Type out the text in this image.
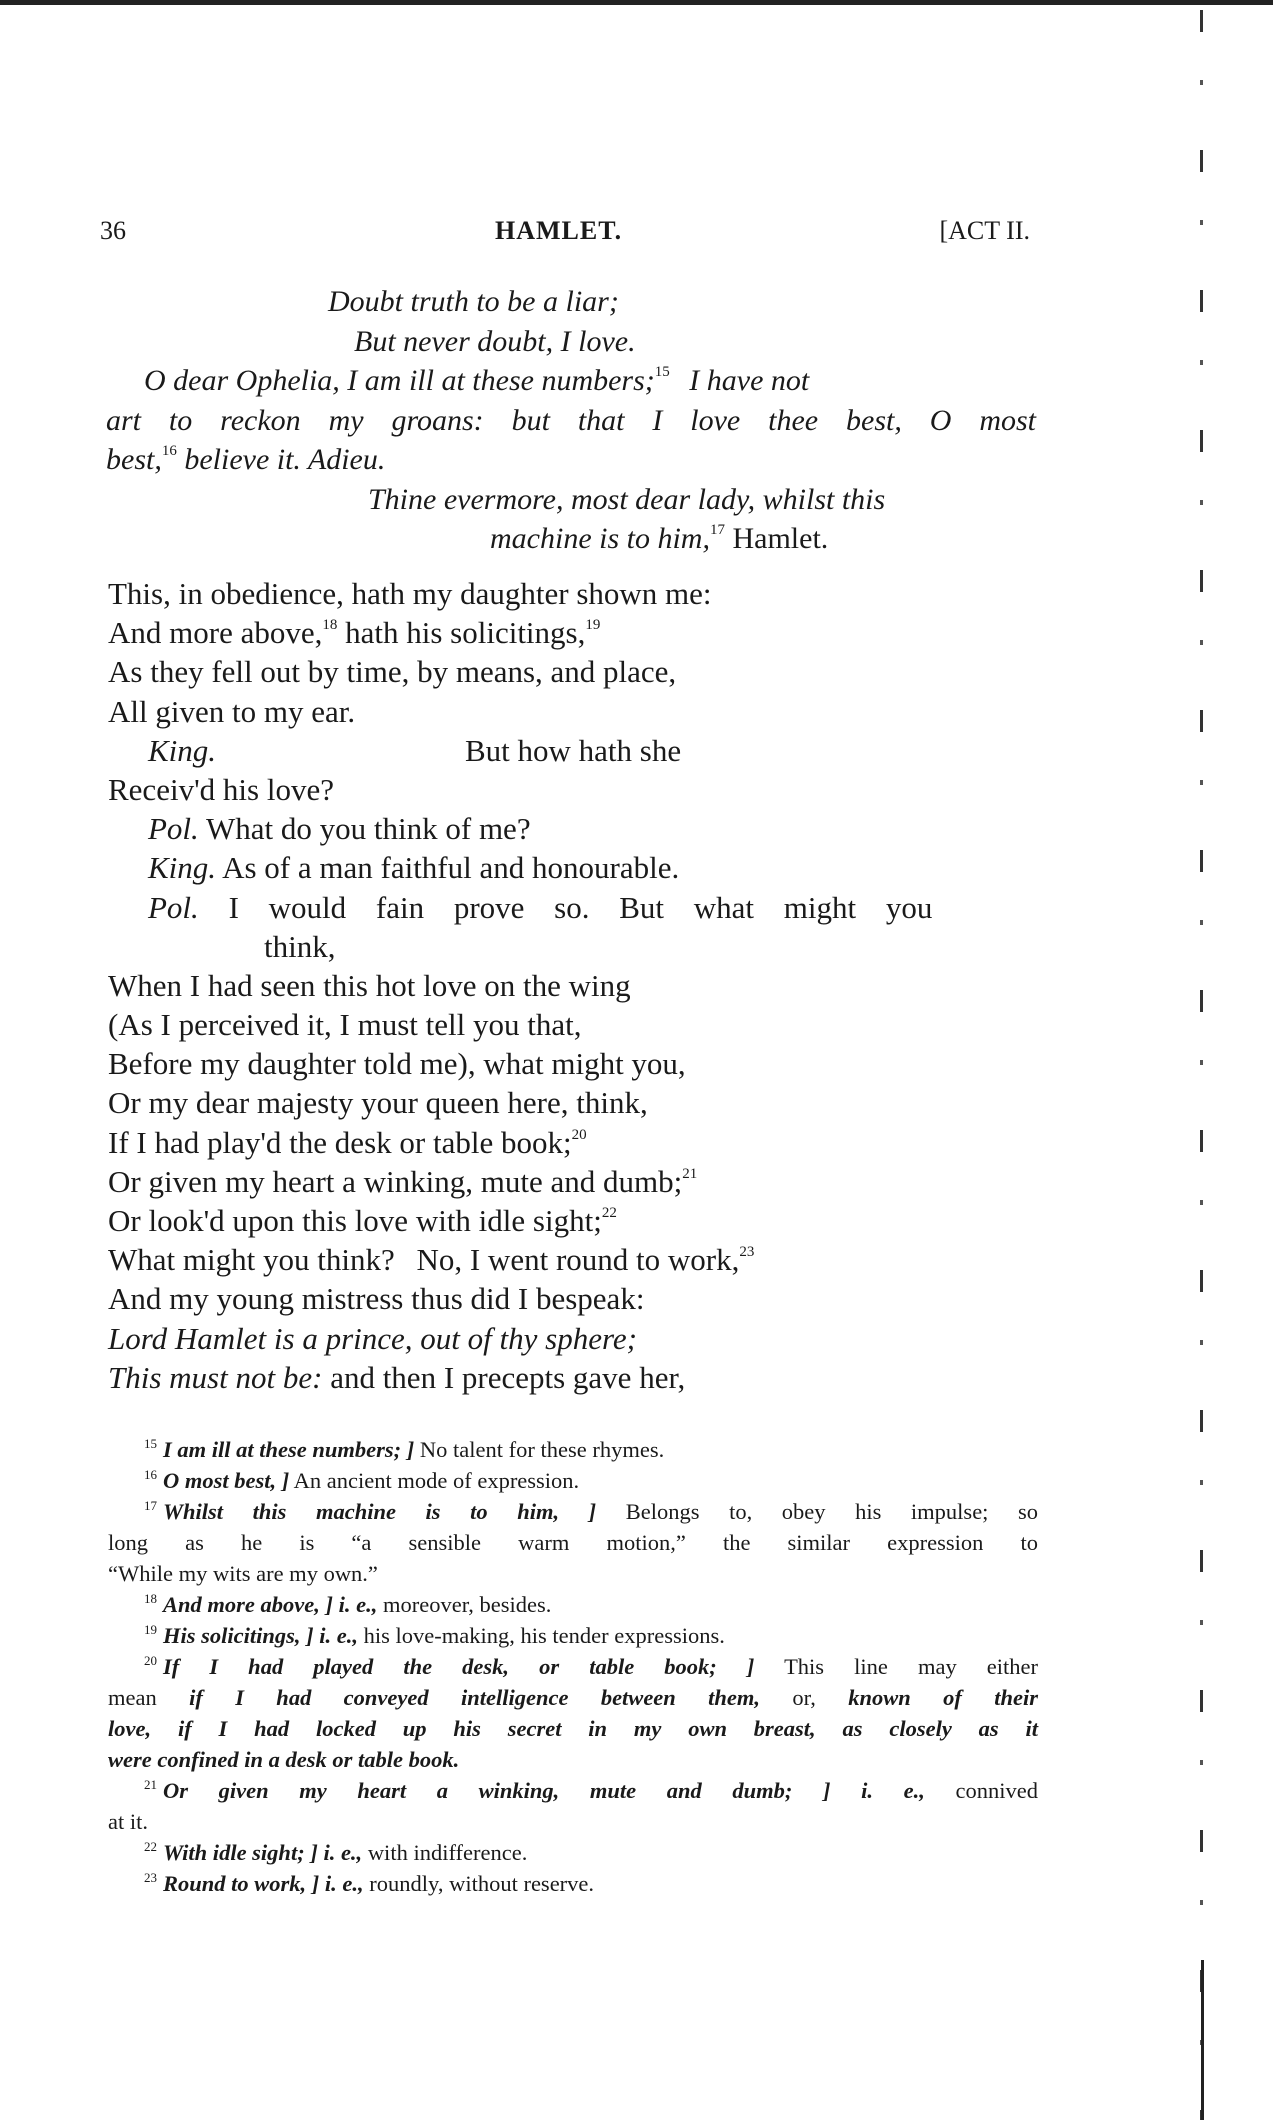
36	HAMLET.	[ACT II.
Doubt truth to be a liar;
But never doubt, I love.
O dear Ophelia, I am ill at these numbers;$^{15}$ I have not
art to reckon my groans: but that I love thee best, O most
best,$^{16}$ believe it. Adieu.
Thine evermore, most dear lady, whilst this
machine is to him,$^{17}$ Hamlet.
This, in obedience, hath my daughter shown me:
And more above,$^{18}$ hath his solicitings,$^{19}$
As they fell out by time, by means, and place,
All given to my ear.
King.	But how hath she
Receiv'd his love?
Pol. What do you think of me?
King. As of a man faithful and honourable.
Pol. I would fain prove so. But what might you
think,
When I had seen this hot love on the wing
(As I perceived it, I must tell you that,
Before my daughter told me), what might you,
Or my dear majesty your queen here, think,
If I had play'd the desk or table book;$^{20}$
Or given my heart a winking, mute and dumb;$^{21}$
Or look'd upon this love with idle sight;$^{22}$
What might you think? No, I went round to work,$^{23}$
And my young mistress thus did I bespeak:
Lord Hamlet is a prince, out of thy sphere;
This must not be: and then I precepts gave her,
$^{15}$ I am ill at these numbers; ] No talent for these rhymes.
$^{16}$ O most best, ] An ancient mode of expression.
$^{17}$ Whilst this machine is to him, ] Belongs to, obey his impulse; so
long as he is “a sensible warm motion,” the similar expression to
“While my wits are my own.”
$^{18}$ And more above, ] i. e., moreover, besides.
$^{19}$ His solicitings, ] i. e., his love-making, his tender expressions.
$^{20}$ If I had played the desk, or table book; ] This line may either
mean if I had conveyed intelligence between them, or, known of their
love, if I had locked up his secret in my own breast, as closely as it
were confined in a desk or table book.
$^{21}$ Or given my heart a winking, mute and dumb; ] i. e., connived
at it.
$^{22}$ With idle sight; ] i. e., with indifference.
$^{23}$ Round to work, ] i. e., roundly, without reserve.
